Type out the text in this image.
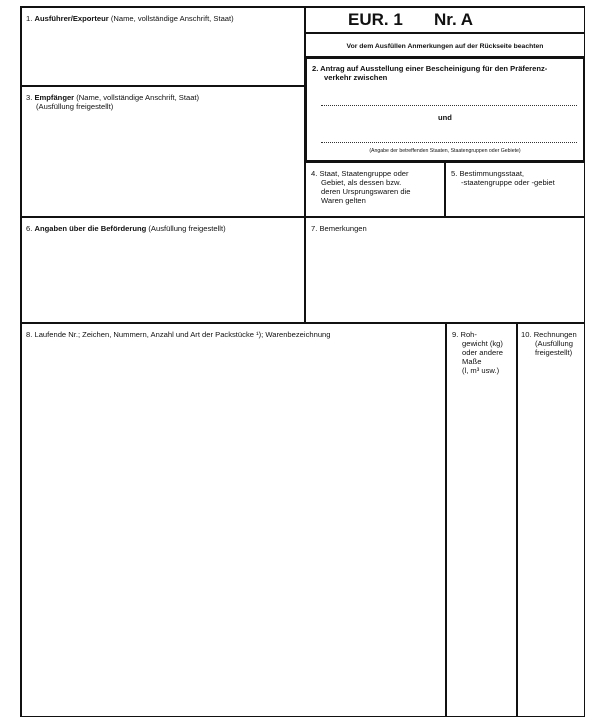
1. Ausführer/Exporteur (Name, vollständige Anschrift, Staat)	EUR. 1 Nr. A
Vor dem Ausfüllen Anmerkungen auf der Rückseite beachten
2. Antrag auf Ausstellung einer Bescheinigung für den Präferenz-
verkehr zwischen
und
(Angabe der betreffenden Staaten, Staatengruppen oder Gebiete)
3. Empfänger (Name, vollständige Anschrift, Staat)
(Ausfüllung freigestellt)
4. Staat, Staatengruppe oder
Gebiet, als dessen bzw.
deren Ursprungswaren die
Waren gelten
5. Bestimmungsstaat,
-staatengruppe oder -gebiet
6. Angaben über die Beförderung (Ausfüllung freigestellt)	7. Bemerkungen
8. Laufende Nr.; Zeichen, Nummern, Anzahl und Art der Packstücke ¹); Warenbezeichnung	9. Roh-
gewicht (kg)
oder andere
Maße
(l, m³ usw.)
10. Rechnungen
(Ausfüllung
freigestellt)
